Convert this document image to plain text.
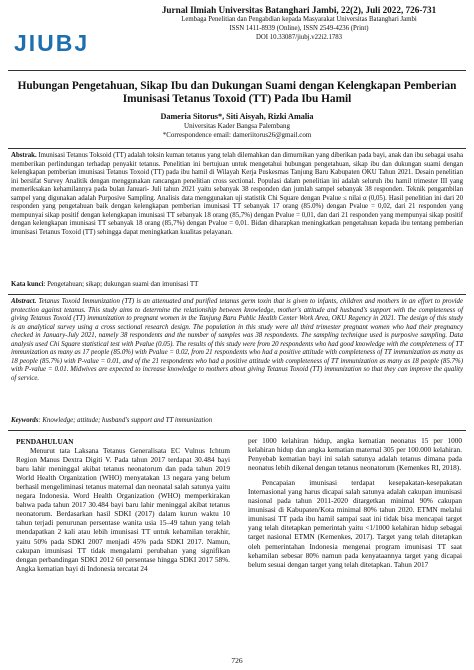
JIUBJ
Jurnal Ilmiah Universitas Batanghari Jambi, 22(2), Juli 2022, 726-731
Lembaga Penelitian dan Pengabdian kepada Masyarakat Universitas Batanghari Jambi
ISSN 1411-8939 (Online), ISSN 2549-4236 (Print)
DOI 10.33087/jiubj.v22i2.1783
Hubungan Pengetahuan, Sikap Ibu dan Dukungan Suami dengan Kelengkapan Pemberian Imunisasi Tetanus Toxoid (TT) Pada Ibu Hamil
Dameria Sitorus*, Siti Aisyah, Rizki Amalia
Universitas Kader Bangsa Palembang
*Correspondence email: dameriitorus26@gmail.com
Abstrak. Imunisasi Tetanus Toksoid (TT) adalah toksin kuman tetanus yang telah dilemahkan dan dimurnikan yang diberikan pada bayi, anak dan ibu sebagai usaha memberikan perlindungan terhadap penyakit tetanus. Penelitian ini bertujuan untuk mengetahui hubungan pengetahuan, sikap ibu dan dukungan suami dengan kelengkapan pemberian imunisasi Tetanus Toxoid (TT) pada ibu hamil di Wilayah Kerja Puskesmas Tanjung Baru Kabupaten OKU Tahun 2021. Desain penelitian ini bersifat Survey Analitik dengan menggunakan rancangan penelitian cross sectional. Populasi dalam penelitian ini adalah seluruh ibu hamil trimester III yang memeriksakan kehamilannya pada bulan Januari- Juli tahun 2021 yaitu sebanyak 38 responden dan jumlah sampel sebanyak 38 responden. Teknik pengambilan sampel yang digunakan adalah Purposive Sampling. Analisis data menggunakan uji statistik Chi Square dengan Pvalue ≤ nilai α (0,05). Hasil penelitian ini dari 20 responden yang pengetahuan baik dengan kelengkapan pemberian imunisasi TT sebanyak 17 orang (85.0%) dengan Pvalue = 0,02, dari 21 responden yang mempunyai sikap positif dengan kelengkapan imunisasi TT sebanyak 18 orang (85,7%) dengan Pvalue = 0,01, dan dari 21 responden yang mempunyai sikap positif dengan kelengkapan imunisasi TT sebanyak 18 orang (85,7%) dengan Pvalue = 0,01. Bidan diharapkan meningkatkan pengetahuan kepada ibu tentang pemberian imunisasi Tetanus Toxoid (TT) sehingga dapat meningkatkan kualitas pelayanan.
Kata kunci: Pengetahuan; sikap; dukungan suami dan imunisasi TT
Abstract. Tetanus Toxoid Immunization (TT) is an attenuated and purified tetanus germ toxin that is given to infants, children and mothers in an effort to provide protection against tetanus. This study aims to determine the relationship between knowledge, mother's attitude and husband's support with the completeness of giving Tetanus Toxoid (TT) immunization to pregnant women in the Tanjung Baru Public Health Center Work Area, OKU Regency in 2021. The design of this study is an analytical survey using a cross sectional research design. The population in this study were all third trimester pregnant women who had their pregnancy checked in January-July 2021, namely 38 respondents and the number of samples was 38 respondents. The sampling technique used is purposive sampling. Data analysis used Chi Square statistical test with Pvalue (0.05). The results of this study were from 20 respondents who had good knowledge with the completeness of TT immunization as many as 17 people (85.0%) with Pvalue = 0.02, from 21 respondents who had a positive attitude with completeness of TT immunization as many as 18 people (85.7%) with P-value = 0.01, and of the 21 respondents who had a positive attitude with completeness of TT immunization as many as 18 people (85.7%) with P-value = 0.01. Midwives are expected to increase knowledge to mothers about giving Tetanus Toxoid (TT) immunization so that they can improve the quality of service.
Keywords: Knowledge; attitude; husband's support and TT immunization
PENDAHULUAN

Menurut tata Laksana Tetanus Generalisata EC Vulnus Ichtum Region Manus Dextra Digiti V. Pada tahun 2017 terdapat 30.484 bayi baru lahir meninggal akibat tetanus neonatorum dan pada tahun 2019 World Health Organization (WHO) menyatakan 13 negara yang belum berhasil mengeliminasi tetanus maternal dan neonatal salah satunya yaitu negara Indonesia. Word Health Organization (WHO) memperkirakan bahwa pada tahun 2017 30.484 bayi baru lahir meninggal akibat tetanus neonatorum. Berdasarkan hasil SDKI (2017) dalam kurun waktu 10 tahun terjadi penurunan persentase wanita usia 15–49 tahun yang telah mendapatkan 2 kali atau lebih imunisasi TT untuk kehamilan terakhir, yaitu 50% pada SDKI 2007 menjadi 45% pada SDKI 2017. Namun, cakupan imunisasi TT tidak mengalami perubahan yang signifikan dengan perbandingan SDKI 2012 60 persentase hingga SDKI 2017 58%. Angka kematian bayi di Indonesia tercatat 24

per 1000 kelahiran hidup, angka kematian neonatus 15 per 1000 kelahiran hidup dan angka kematian maternal 305 per 100.000 kelahiran. Penyebab kematian bayi ini salah satunya adalah tetanus dimana pada neonatus lebih dikenal dengan tetanus neonatorum (Kemenkes RI, 2018).

Pencapaian imunisasi terdapat kesepakatan-kesepakatan Internasional yang harus dicapai salah satunya adalah cakupan imunisasi nasional pada tahun 2011-2020 ditargetkan minimal 90% cakupan imunisasi di Kabupaten/Kota minimal 80% tahun 2020. ETMN melalui imunisasi TT pada ibu hamil sampai saat ini tidak bisa mencapai target yang telah ditetapkan pemerintah yaitu <1/1000 kelahiran hidup sebagai target nasional ETMN (Kemenkes, 2017). Target yang telah ditetapkan oleh pemerintahan Indonesia mengenai program imunisasi TT saat kehamilan sebesar 80% namun pada kenyataannya target yang dicapai belum sesuai dengan target yang telah ditetapkan. Tahun 2017

726
